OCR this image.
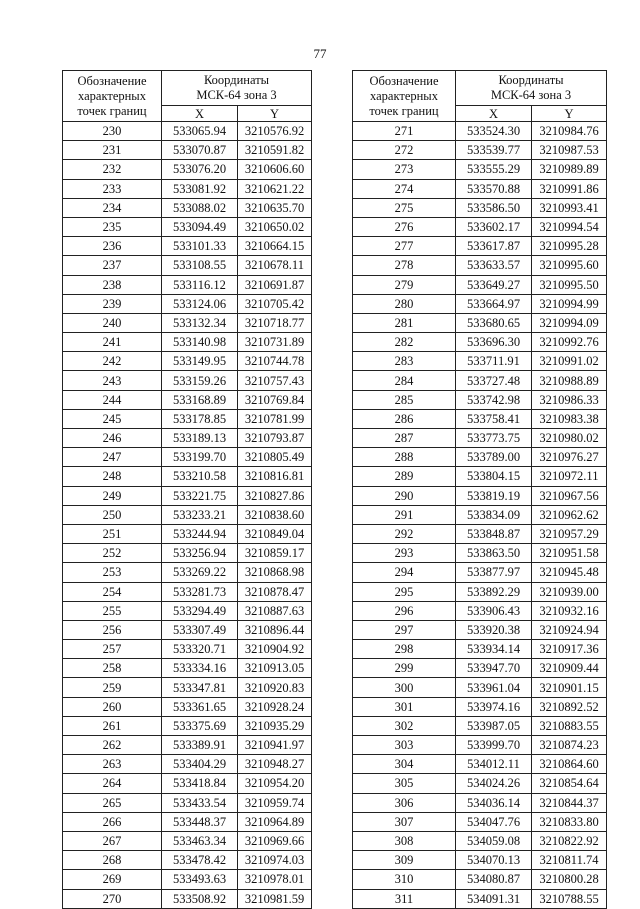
77
Обозначение
характерных
точек границ	Координаты
МСК-64 зона 3	
	X	Y
230	533065.94	3210576.92
231	533070.87	3210591.82
232	533076.20	3210606.60
233	533081.92	3210621.22
234	533088.02	3210635.70
235	533094.49	3210650.02
236	533101.33	3210664.15
237	533108.55	3210678.11
238	533116.12	3210691.87
239	533124.06	3210705.42
240	533132.34	3210718.77
241	533140.98	3210731.89
242	533149.95	3210744.78
243	533159.26	3210757.43
244	533168.89	3210769.84
245	533178.85	3210781.99
246	533189.13	3210793.87
247	533199.70	3210805.49
248	533210.58	3210816.81
249	533221.75	3210827.86
250	533233.21	3210838.60
251	533244.94	3210849.04
252	533256.94	3210859.17
253	533269.22	3210868.98
254	533281.73	3210878.47
255	533294.49	3210887.63
256	533307.49	3210896.44
257	533320.71	3210904.92
258	533334.16	3210913.05
259	533347.81	3210920.83
260	533361.65	3210928.24
261	533375.69	3210935.29
262	533389.91	3210941.97
263	533404.29	3210948.27
264	533418.84	3210954.20
265	533433.54	3210959.74
266	533448.37	3210964.89
267	533463.34	3210969.66
268	533478.42	3210974.03
269	533493.63	3210978.01
270	533508.92	3210981.59
Обозначение
характерных
точек границ	Координаты
МСК-64 зона 3	
	X	Y
271	533524.30	3210984.76
272	533539.77	3210987.53
273	533555.29	3210989.89
274	533570.88	3210991.86
275	533586.50	3210993.41
276	533602.17	3210994.54
277	533617.87	3210995.28
278	533633.57	3210995.60
279	533649.27	3210995.50
280	533664.97	3210994.99
281	533680.65	3210994.09
282	533696.30	3210992.76
283	533711.91	3210991.02
284	533727.48	3210988.89
285	533742.98	3210986.33
286	533758.41	3210983.38
287	533773.75	3210980.02
288	533789.00	3210976.27
289	533804.15	3210972.11
290	533819.19	3210967.56
291	533834.09	3210962.62
292	533848.87	3210957.29
293	533863.50	3210951.58
294	533877.97	3210945.48
295	533892.29	3210939.00
296	533906.43	3210932.16
297	533920.38	3210924.94
298	533934.14	3210917.36
299	533947.70	3210909.44
300	533961.04	3210901.15
301	533974.16	3210892.52
302	533987.05	3210883.55
303	533999.70	3210874.23
304	534012.11	3210864.60
305	534024.26	3210854.64
306	534036.14	3210844.37
307	534047.76	3210833.80
308	534059.08	3210822.92
309	534070.13	3210811.74
310	534080.87	3210800.28
311	534091.31	3210788.55
